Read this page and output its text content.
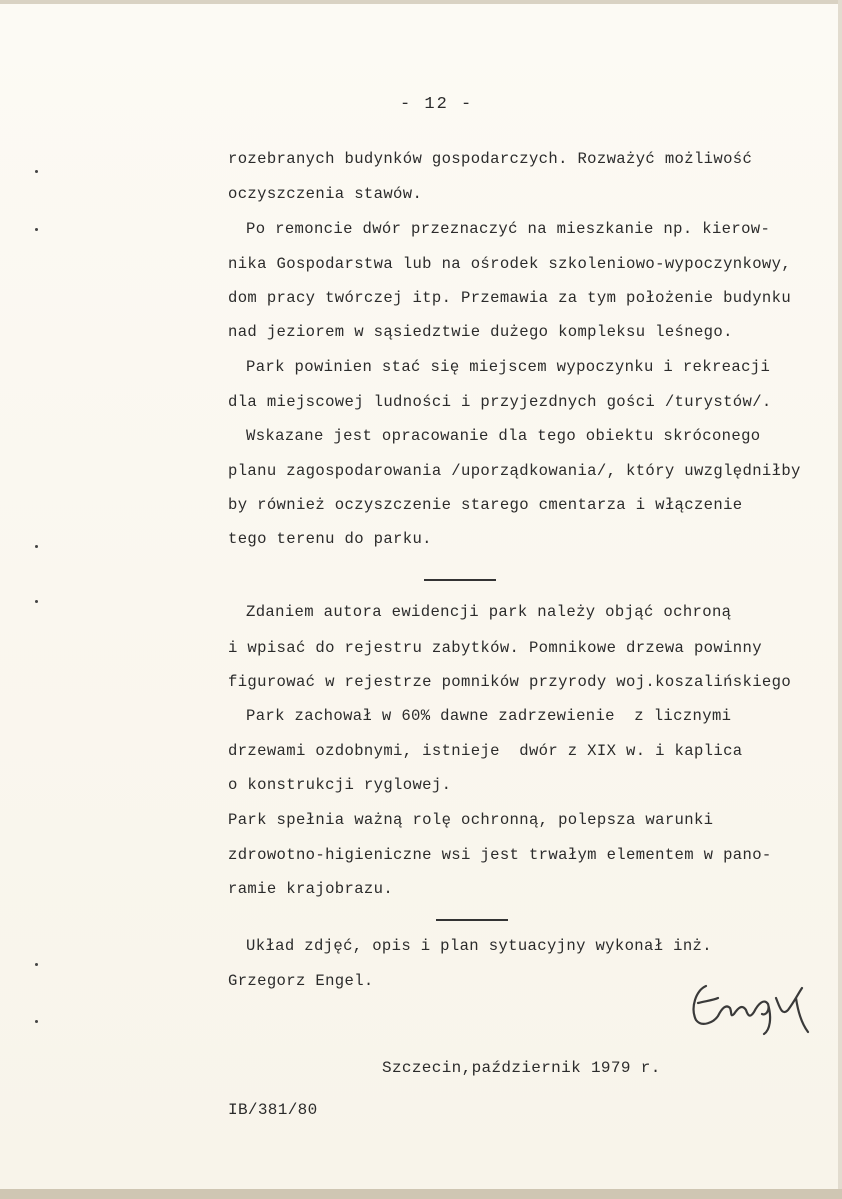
- 12 -
rozebranych budynków gospodarczych. Rozważyć możliwość
oczyszczenia stawów.
Po remoncie dwór przeznaczyć na mieszkanie np. kierow-
nika Gospodarstwa lub na ośrodek szkoleniowo-wypoczynkowy,
dom pracy twórczej itp. Przemawia za tym położenie budynku
nad jeziorem w sąsiedztwie dużego kompleksu leśnego.
Park powinien stać się miejscem wypoczynku i rekreacji
dla miejscowej ludności i przyjezdnych gości /turystów/.
Wskazane jest opracowanie dla tego obiektu skróconego
planu zagospodarowania /uporządkowania/, który uwzględniłby
by również oczyszczenie starego cmentarza i włączenie
tego terenu do parku.
Zdaniem autora ewidencji park należy objąć ochroną
i wpisać do rejestru zabytków. Pomnikowe drzewa powinny
figurować w rejestrze pomników przyrody woj.koszalińskiego
Park zachował w 60% dawne zadrzewienie  z licznymi
drzewami ozdobnymi, istnieje  dwór z XIX w. i kaplica
o konstrukcji ryglowej.
Park spełnia ważną rolę ochronną, polepsza warunki
zdrowotno-higieniczne wsi jest trwałym elementem w pano-
ramie krajobrazu.
Układ zdjęć, opis i plan sytuacyjny wykonał inż.
Grzegorz Engel.
Szczecin,październik 1979 r.
IB/381/80
